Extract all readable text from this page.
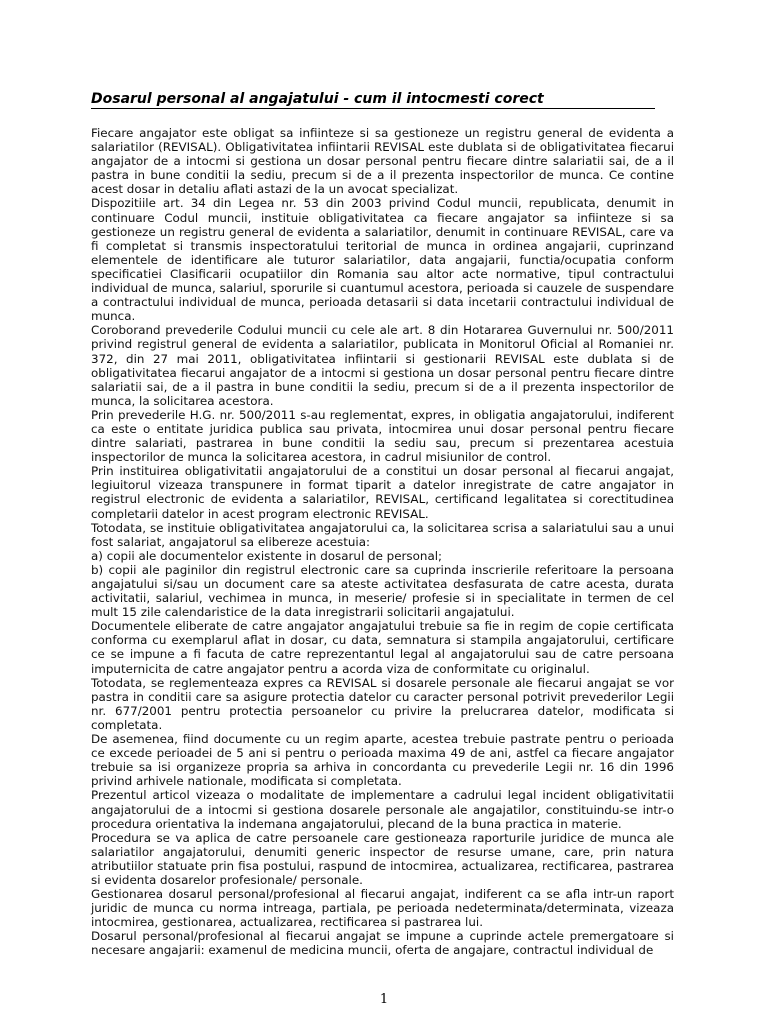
Dosarul personal al angajatului - cum il intocmesti corect

Fiecare angajator este obligat sa infiinteze si sa gestioneze un registru general de evidenta a salariatilor (REVISAL). Obligativitatea infiintarii REVISAL este dublata si de obligativitatea fiecarui angajator de a intocmi si gestiona un dosar personal pentru fiecare dintre salariatii sai, de a il pastra in bune conditii la sediu, precum si de a il prezenta inspectorilor de munca. Ce contine acest dosar in detaliu aflati astazi de la un avocat specializat.

Dispozitiile art. 34 din Legea nr. 53 din 2003 privind Codul muncii, republicata, denumit in continuare Codul muncii, instituie obligativitatea ca fiecare angajator sa infiinteze si sa gestioneze un registru general de evidenta a salariatilor, denumit in continuare REVISAL, care va fi completat si transmis inspectoratului teritorial de munca in ordinea angajarii, cuprinzand elementele de identificare ale tuturor salariatilor, data angajarii, functia/ocupatia conform specificatiei Clasificarii ocupatiilor din Romania sau altor acte normative, tipul contractului individual de munca, salariul, sporurile si cuantumul acestora, perioada si cauzele de suspendare a contractului individual de munca, perioada detasarii si data incetarii contractului individual de munca.

Coroborand prevederile Codului muncii cu cele ale art. 8 din Hotararea Guvernului nr. 500/2011 privind registrul general de evidenta a salariatilor, publicata in Monitorul Oficial al Romaniei nr. 372, din 27 mai 2011, obligativitatea infiintarii si gestionarii REVISAL este dublata si de obligativitatea fiecarui angajator de a intocmi si gestiona un dosar personal pentru fiecare dintre salariatii sai, de a il pastra in bune conditii la sediu, precum si de a il prezenta inspectorilor de munca, la solicitarea acestora.

Prin prevederile H.G. nr. 500/2011 s-au reglementat, expres, in obligatia angajatorului, indiferent ca este o entitate juridica publica sau privata, intocmirea unui dosar personal pentru fiecare dintre salariati, pastrarea in bune conditii la sediu sau, precum si prezentarea acestuia inspectorilor de munca la solicitarea acestora, in cadrul misiunilor de control.

Prin instituirea obligativitatii angajatorului de a constitui un dosar personal al fiecarui angajat, legiuitorul vizeaza transpunere in format tiparit a datelor inregistrate de catre angajator in registrul electronic de evidenta a salariatilor, REVISAL, certificand legalitatea si corectitudinea completarii datelor in acest program electronic REVISAL.

Totodata, se instituie obligativitatea angajatorului ca, la solicitarea scrisa a salariatului sau a unui fost salariat, angajatorul sa elibereze acestuia:

a) copii ale documentelor existente in dosarul de personal;

b) copii ale paginilor din registrul electronic care sa cuprinda inscrierile referitoare la persoana angajatului si/sau un document care sa ateste activitatea desfasurata de catre acesta, durata activitatii, salariul, vechimea in munca, in meserie/ profesie si in specialitate in termen de cel mult 15 zile calendaristice de la data inregistrarii solicitarii angajatului.

Documentele eliberate de catre angajator angajatului trebuie sa fie in regim de copie certificata conforma cu exemplarul aflat in dosar, cu data, semnatura si stampila angajatorului, certificare ce se impune a fi facuta de catre reprezentantul legal al angajatorului sau de catre persoana imputernicita de catre angajator pentru a acorda viza de conformitate cu originalul.

Totodata, se reglementeaza expres ca REVISAL si dosarele personale ale fiecarui angajat se vor pastra in conditii care sa asigure protectia datelor cu caracter personal potrivit prevederilor Legii nr. 677/2001 pentru protectia persoanelor cu privire la prelucrarea datelor, modificata si completata.

De asemenea, fiind documente cu un regim aparte, acestea trebuie pastrate pentru o perioada ce excede perioadei de 5 ani si pentru o perioada maxima 49 de ani, astfel ca fiecare angajator trebuie sa isi organizeze propria sa arhiva in concordanta cu prevederile Legii nr. 16 din 1996 privind arhivele nationale, modificata si completata.

Prezentul articol vizeaza o modalitate de implementare a cadrului legal incident obligativitatii angajatorului de a intocmi si gestiona dosarele personale ale angajatilor, constituindu-se intr-o procedura orientativa la indemana angajatorului, plecand de la buna practica in materie.

Procedura se va aplica de catre persoanele care gestioneaza raporturile juridice de munca ale salariatilor angajatorului, denumiti generic inspector de resurse umane, care, prin natura atributiilor statuate prin fisa postului, raspund de intocmirea, actualizarea, rectificarea, pastrarea si evidenta dosarelor profesionale/ personale.

Gestionarea dosarul personal/profesional al fiecarui angajat, indiferent ca se afla intr-un raport juridic de munca cu norma intreaga, partiala, pe perioada nedeterminata/determinata, vizeaza intocmirea, gestionarea, actualizarea, rectificarea si pastrarea lui.

Dosarul personal/profesional al fiecarui angajat se impune a cuprinde actele premergatoare si necesare angajarii: examenul de medicina muncii, oferta de angajare, contractul individual de

1
